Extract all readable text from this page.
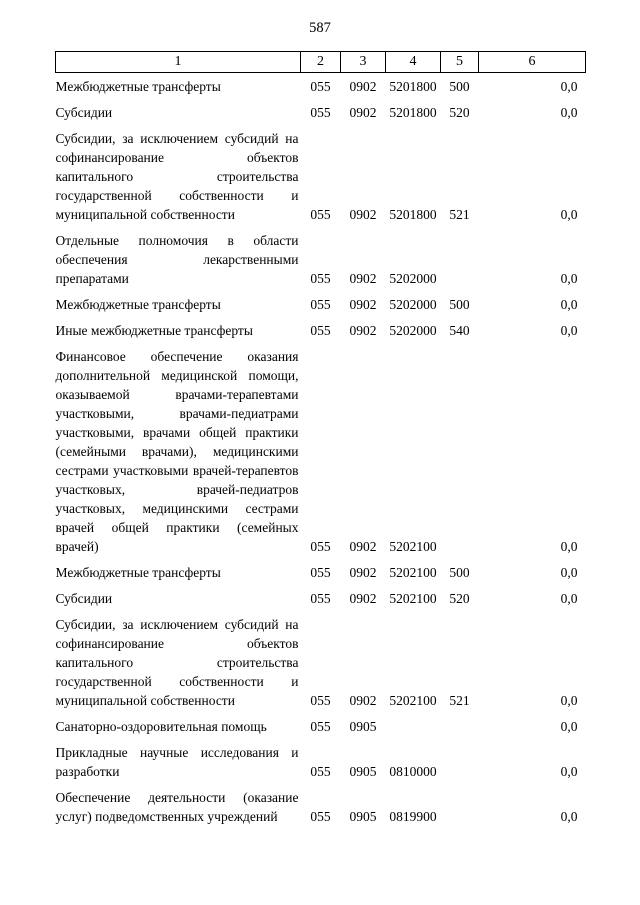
587
1	2	3	4	5	6
Межбюджетные трансферты	055	0902	5201800	500	0,0
Субсидии	055	0902	5201800	520	0,0
Субсидии, за исключением субсидий на софинансирование объектов капитального строительства государственной собственности и муниципальной собственности	055	0902	5201800	521	0,0
Отдельные полномочия в области обеспечения лекарственными препаратами	055	0902	5202000		0,0
Межбюджетные трансферты	055	0902	5202000	500	0,0
Иные межбюджетные трансферты	055	0902	5202000	540	0,0
Финансовое обеспечение оказания дополнительной медицинской помощи, оказываемой врачами-терапевтами участковыми, врачами-педиатрами участковыми, врачами общей практики (семейными врачами), медицинскими сестрами участковыми врачей-терапевтов участковых, врачей-педиатров участковых, медицинскими сестрами врачей общей практики (семейных врачей)	055	0902	5202100		0,0
Межбюджетные трансферты	055	0902	5202100	500	0,0
Субсидии	055	0902	5202100	520	0,0
Субсидии, за исключением субсидий на софинансирование объектов капитального строительства государственной собственности и муниципальной собственности	055	0902	5202100	521	0,0
Санаторно-оздоровительная помощь	055	0905			0,0
Прикладные научные исследования и разработки	055	0905	0810000		0,0
Обеспечение деятельности (оказание услуг) подведомственных учреждений	055	0905	0819900		0,0
